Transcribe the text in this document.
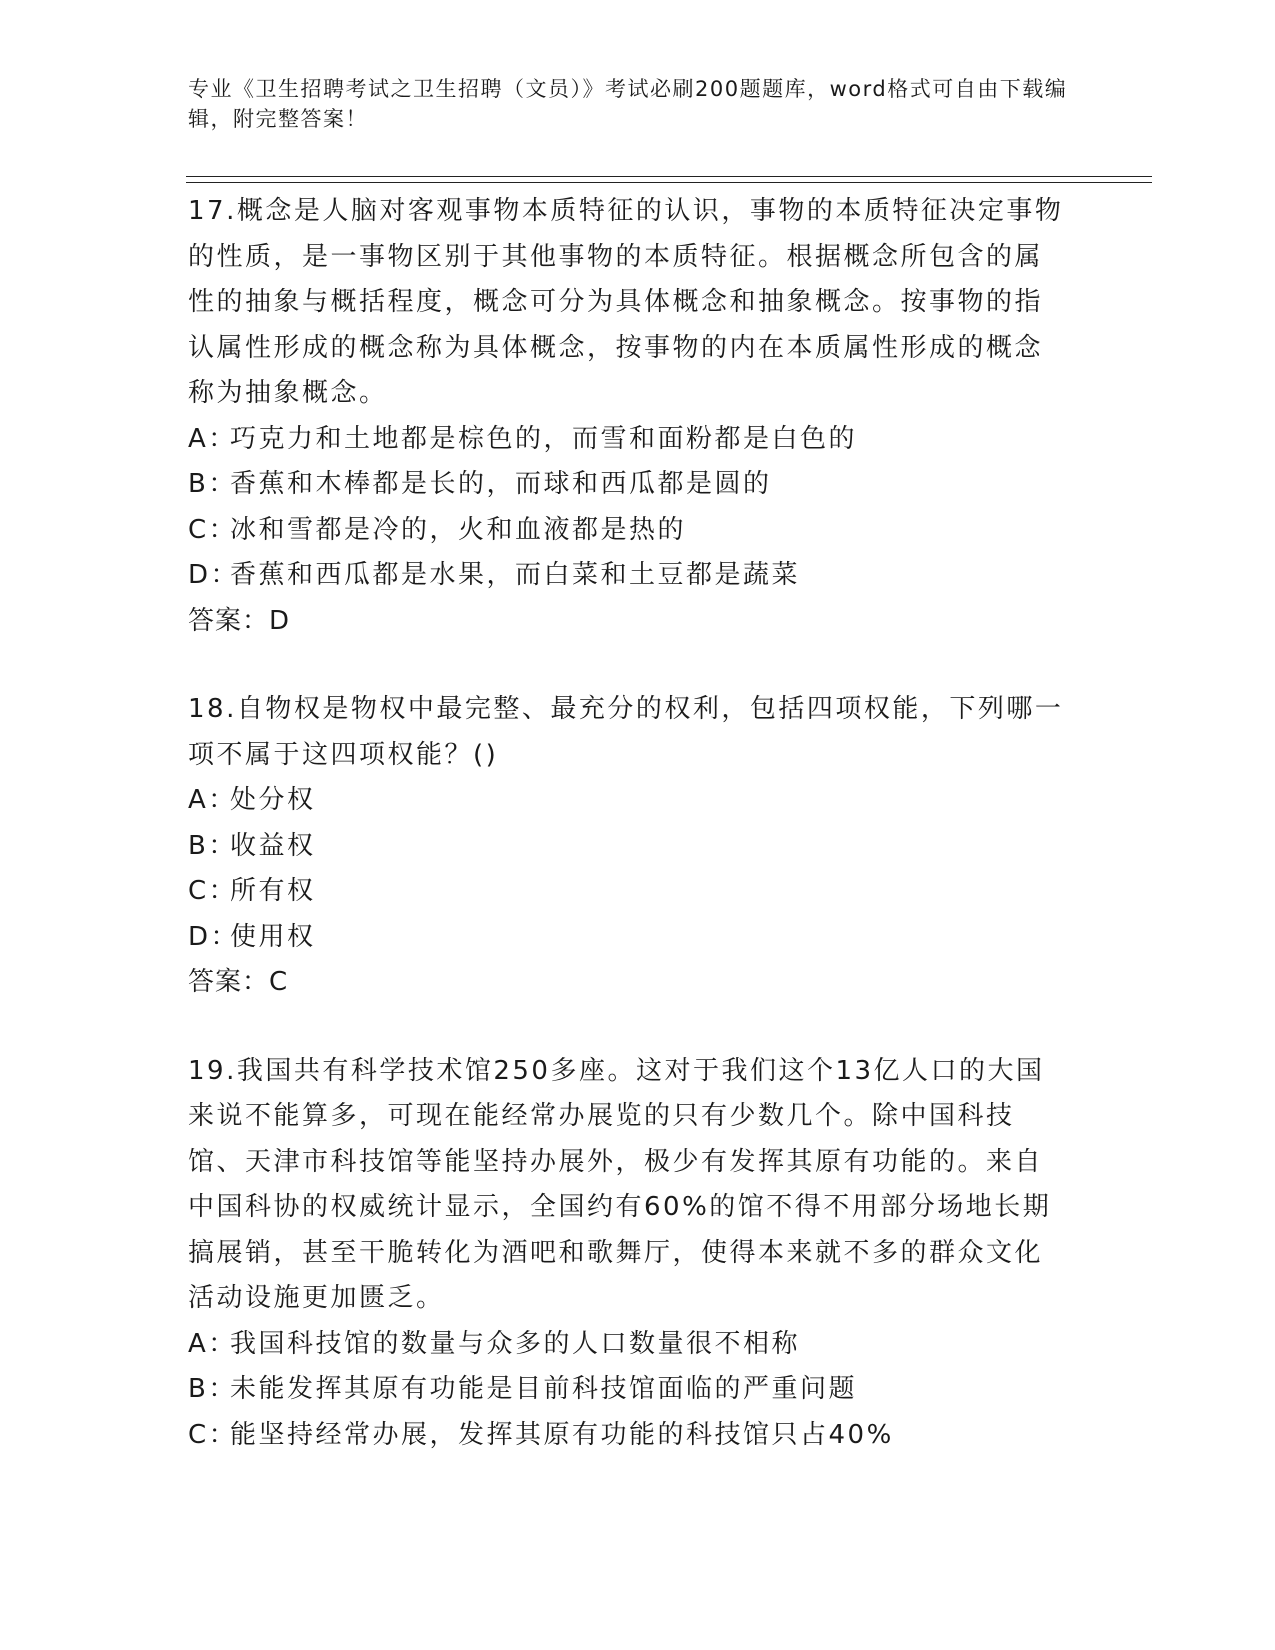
专业《卫生招聘考试之卫生招聘（文员）》考试必刷200题题库，word格式可自由下载编辑，附完整答案！

17.概念是人脑对客观事物本质特征的认识，事物的本质特征决定事物的性质，是一事物区别于其他事物的本质特征。根据概念所包含的属性的抽象与概括程度，概念可分为具体概念和抽象概念。按事物的指认属性形成的概念称为具体概念，按事物的内在本质属性形成的概念称为抽象概念。

A：巧克力和土地都是棕色的，而雪和面粉都是白色的

B：香蕉和木棒都是长的，而球和西瓜都是圆的

C：冰和雪都是冷的，火和血液都是热的

D：香蕉和西瓜都是水果，而白菜和土豆都是蔬菜

答案：D

18.自物权是物权中最完整、最充分的权利，包括四项权能，下列哪一项不属于这四项权能？()

A：处分权

B：收益权

C：所有权

D：使用权

答案：C

19.我国共有科学技术馆250多座。这对于我们这个13亿人口的大国来说不能算多，可现在能经常办展览的只有少数几个。除中国科技馆、天津市科技馆等能坚持办展外，极少有发挥其原有功能的。来自中国科协的权威统计显示，全国约有60%的馆不得不用部分场地长期搞展销，甚至干脆转化为酒吧和歌舞厅，使得本来就不多的群众文化活动设施更加匮乏。

A：我国科技馆的数量与众多的人口数量很不相称

B：未能发挥其原有功能是目前科技馆面临的严重问题

C：能坚持经常办展，发挥其原有功能的科技馆只占40%
